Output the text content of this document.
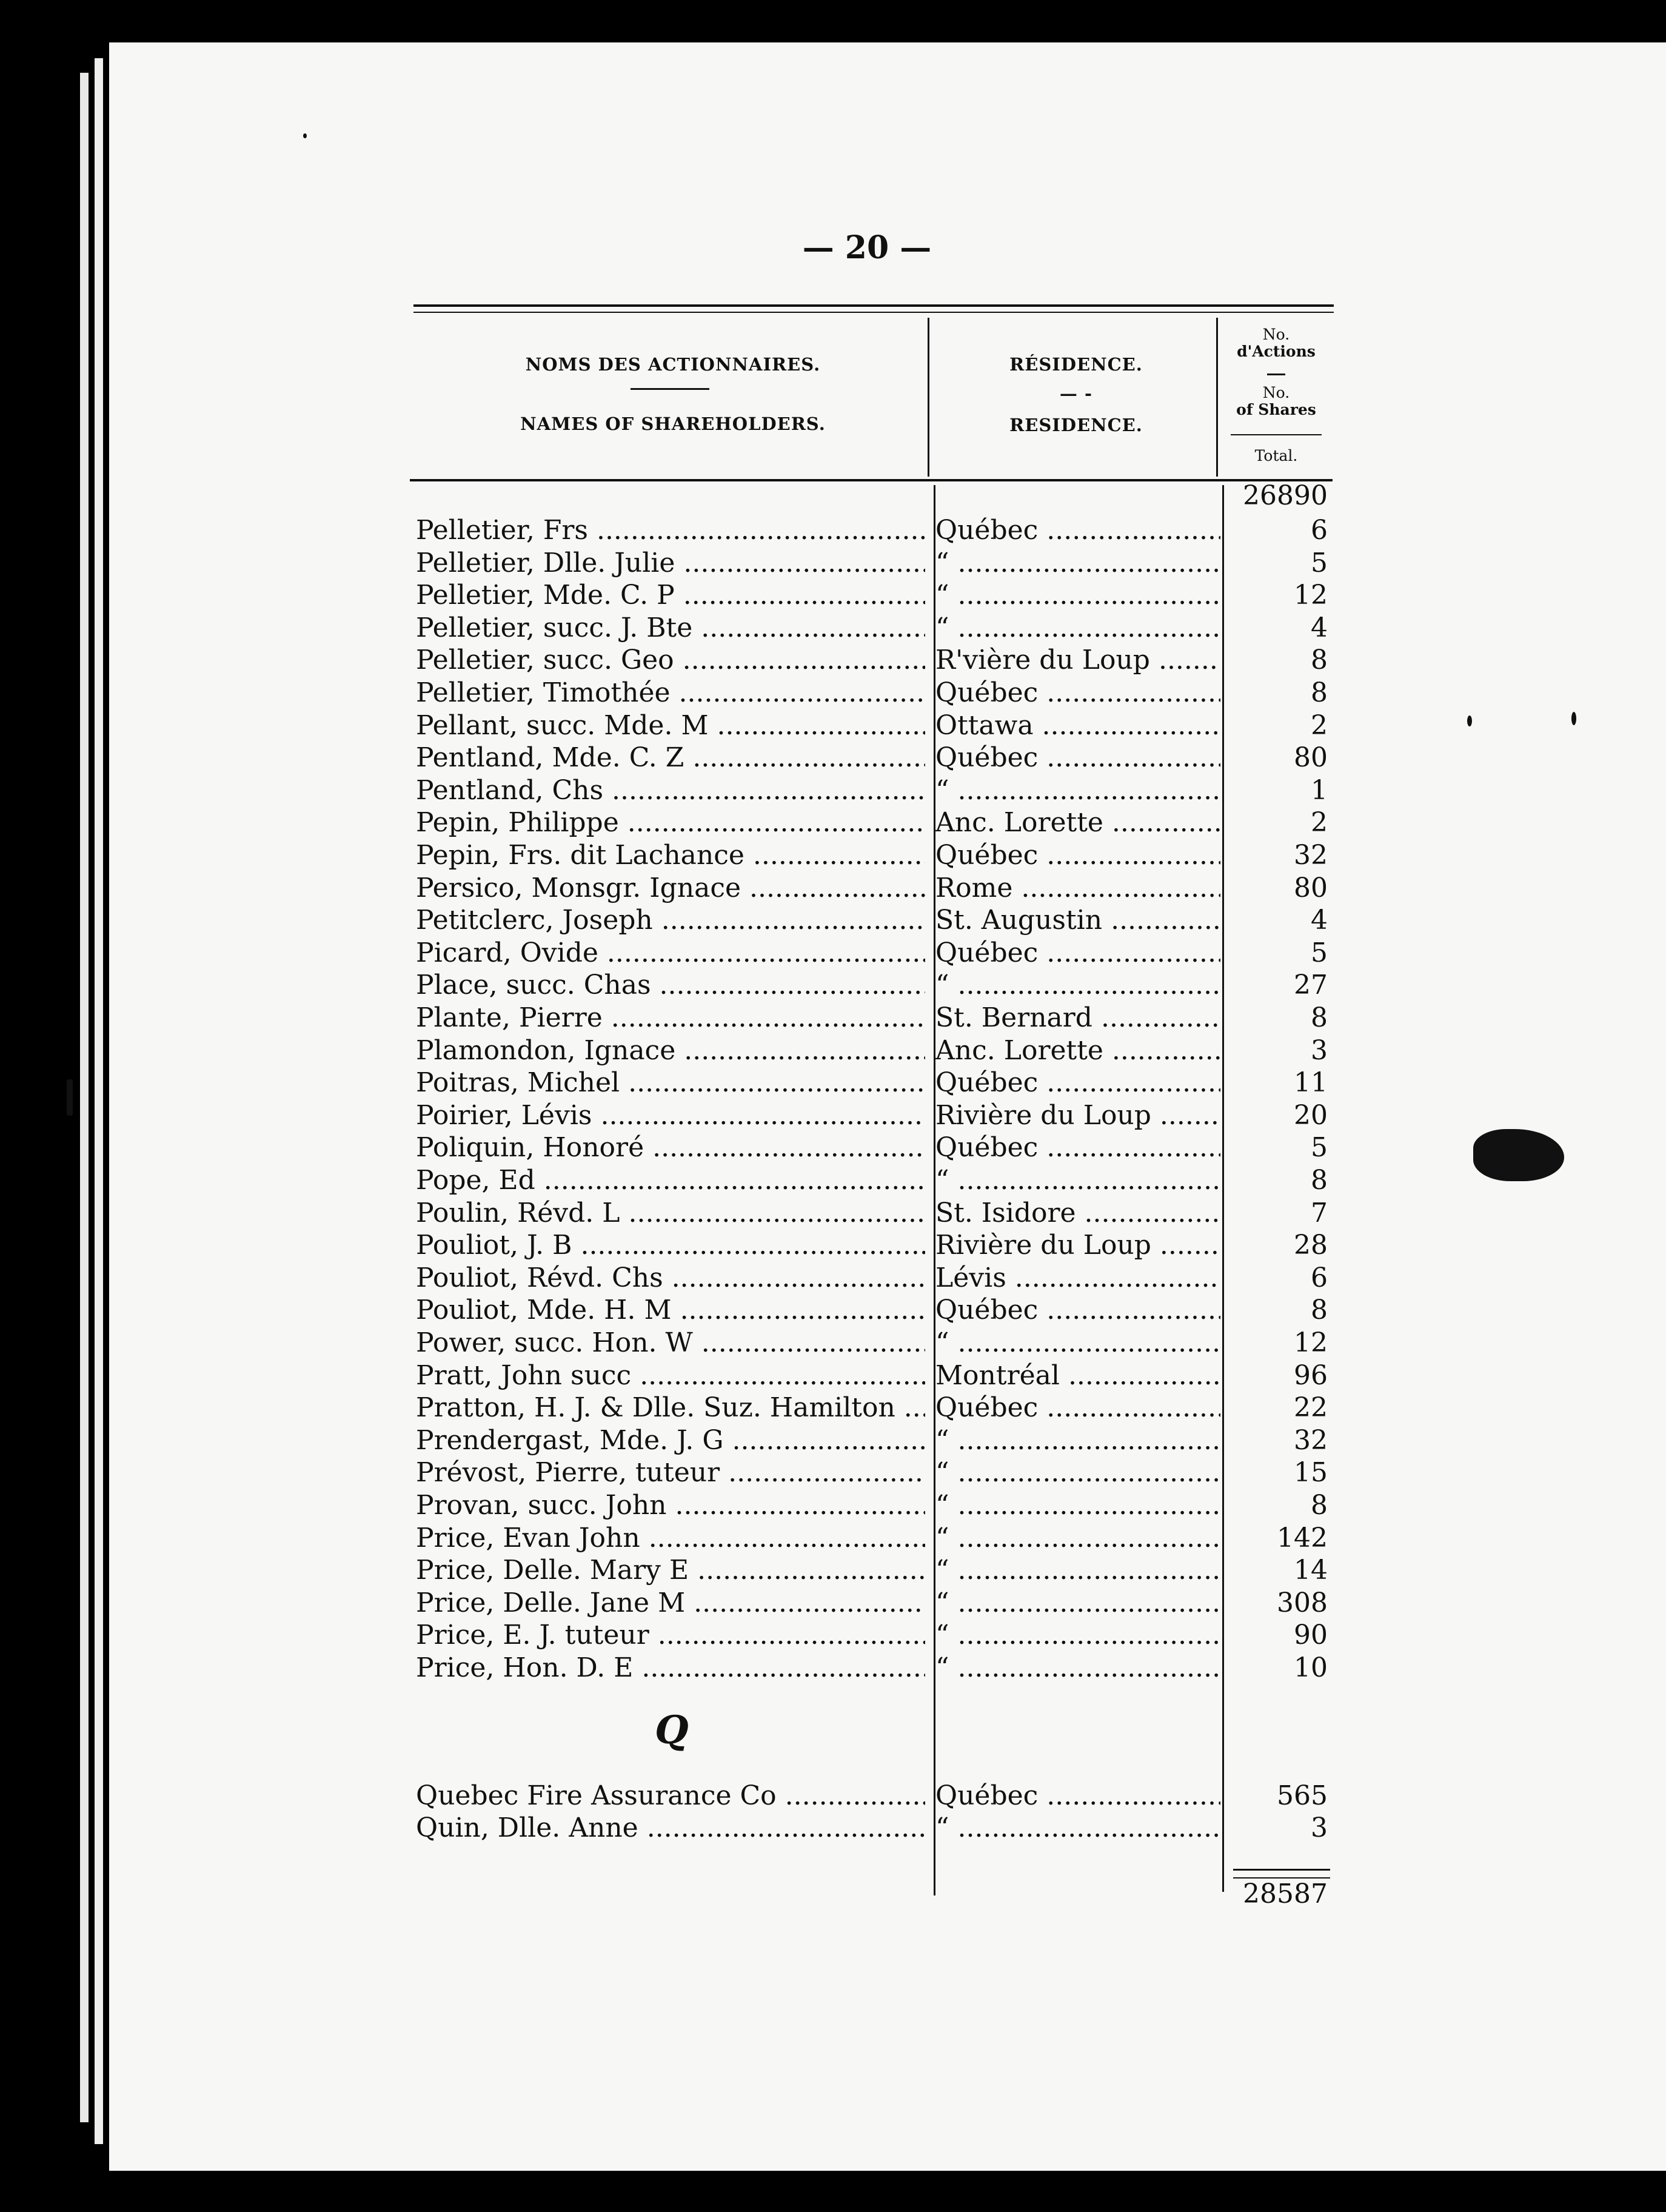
— 20 —
NOMS DES ACTIONNAIRES.
NAMES OF SHAREHOLDERS.
RÉSIDENCE.
— -
RESIDENCE.
No.
d'Actions
No.
of Shares
Total.
26890
Pelletier, Frs .....	Québec .....	6
Pelletier, Dlle. Julie .....	“ .....	5
Pelletier, Mde. C. P .....	“ .....	12
Pelletier, succ. J. Bte .....	“ .....	4
Pelletier, succ. Geo .....	R'vière du Loup .....	8
Pelletier, Timothée .....	Québec .....	8
Pellant, succ. Mde. M .....	Ottawa .....	2
Pentland, Mde. C. Z .....	Québec .....	80
Pentland, Chs .....	“ .....	1
Pepin, Philippe .....	Anc. Lorette .....	2
Pepin, Frs. dit Lachance .....	Québec .....	32
Persico, Monsgr. Ignace .....	Rome .....	80
Petitclerc, Joseph .....	St. Augustin .....	4
Picard, Ovide .....	Québec .....	5
Place, succ. Chas .....	“ .....	27
Plante, Pierre .....	St. Bernard .....	8
Plamondon, Ignace .....	Anc. Lorette .....	3
Poitras, Michel .....	Québec .....	11
Poirier, Lévis .....	Rivière du Loup .....	20
Poliquin, Honoré .....	Québec .....	5
Pope, Ed .....	“ .....	8
Poulin, Révd. L .....	St. Isidore .....	7
Pouliot, J. B .....	Rivière du Loup .....	28
Pouliot, Révd. Chs .....	Lévis .....	6
Pouliot, Mde. H. M .....	Québec .....	8
Power, succ. Hon. W .....	“ .....	12
Pratt, John succ .....	Montréal .....	96
Pratton, H. J. & Dlle. Suz. Hamilton .....	Québec .....	22
Prendergast, Mde. J. G .....	“ .....	32
Prévost, Pierre, tuteur .....	“ .....	15
Provan, succ. John .....	“ .....	8
Price, Evan John .....	“ .....	142
Price, Delle. Mary E .....	“ .....	14
Price, Delle. Jane M .....	“ .....	308
Price, E. J. tuteur .....	“ .....	90
Price, Hon. D. E .....	“ .....	10
Q
Quebec Fire Assurance Co .....	Québec .....	565
Quin, Dlle. Anne .....	“ .....	3
28587
